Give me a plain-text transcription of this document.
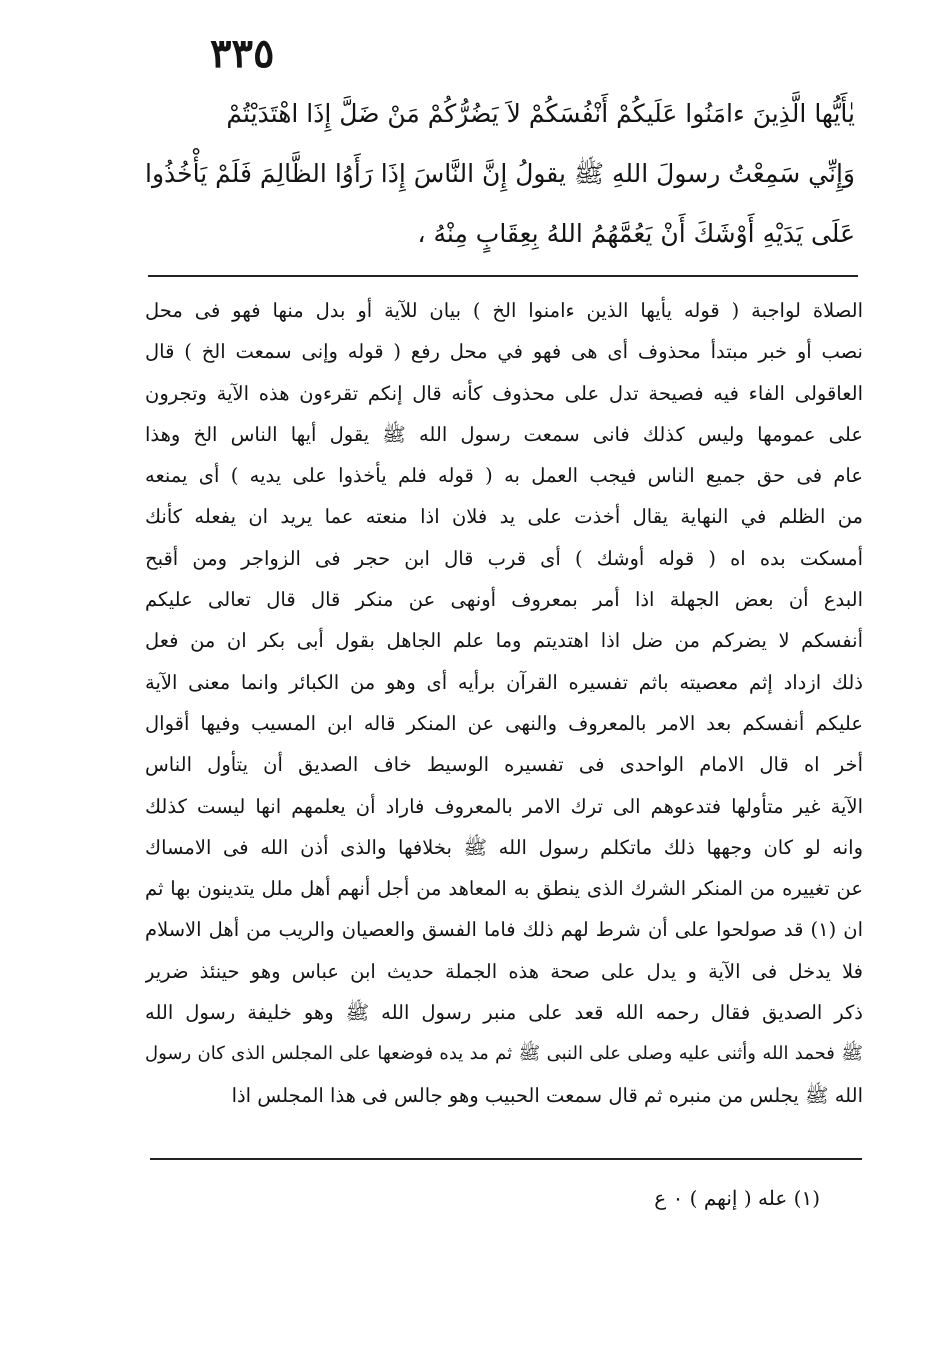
٣٣٥
يٰأَيُّها الَّذِينَ ءامَنُوا عَلَيكُمْ أَنْفُسَكُمْ لاَ يَضُرُّكُمْ مَنْ ضَلَّ إِذَا اهْتَدَيْتُمْ
وَإِنِّي سَمِعْتُ رسولَ اللهِ ﷺ يقولُ إِنَّ النَّاسَ إِذَا رَأَوُا الظَّالِمَ فَلَمْ يَأْخُذُوا
عَلَى يَدَيْهِ أَوْشَكَ أَنْ يَعُمَّهُمُ اللهُ بِعِقَابٍ مِنْهُ ،
الصلاة لواجبة ( قوله يأيها الذين ءامنوا الخ ) بيان للآية أو بدل منها فهو فى محل
نصب أو خبر مبتدأ محذوف أى هى فهو في محل رفع ( قوله وإنى سمعت الخ ) قال
العاقولى الفاء فيه فصيحة تدل على محذوف كأنه قال إنكم تقرءون هذه الآية وتجرون
على عمومها وليس كذلك فانى سمعت رسول الله ﷺ يقول أيها الناس الخ وهذا
عام فى حق جميع الناس فيجب العمل به ( قوله فلم يأخذوا على يديه ) أى يمنعه
من الظلم في النهاية يقال أخذت على يد فلان اذا منعته عما يريد ان يفعله كأنك
أمسكت بده اه ( قوله أوشك ) أى قرب قال ابن حجر فى الزواجر ومن أقبح
البدع أن بعض الجهلة اذا أمر بمعروف أونهى عن منكر قال قال تعالى عليكم
أنفسكم لا يضركم من ضل اذا اهتديتم وما علم الجاهل بقول أبى بكر ان من فعل
ذلك ازداد إثم معصيته باثم تفسيره القرآن برأيه أى وهو من الكبائر وانما معنى الآية
عليكم أنفسكم بعد الامر بالمعروف والنهى عن المنكر قاله ابن المسيب وفيها أقوال
أخر اه قال الامام الواحدى فى تفسيره الوسيط خاف الصديق أن يتأول الناس
الآية غير متأولها فتدعوهم الى ترك الامر بالمعروف فاراد أن يعلمهم انها ليست كذلك
وانه لو كان وجهها ذلك ماتكلم رسول الله ﷺ بخلافها والذى أذن الله فى الامساك
عن تغييره من المنكر الشرك الذى ينطق به المعاهد من أجل أنهم أهل ملل يتدينون بها ثم
ان (١) قد صولحوا على أن شرط لهم ذلك فاما الفسق والعصيان والريب من أهل الاسلام
فلا يدخل فى الآية و يدل على صحة هذه الجملة حديث ابن عباس وهو حينئذ ضرير
ذكر الصديق فقال رحمه الله قعد على منبر رسول الله ﷺ وهو خليفة رسول الله
ﷺ فحمد الله وأثنى عليه وصلى على النبى ﷺ ثم مد يده فوضعها على المجلس الذى كان رسول
الله ﷺ يجلس من منبره ثم قال سمعت الحبيب وهو جالس فى هذا المجلس اذا
(١) عله ( إنهم ) ٠ ع
